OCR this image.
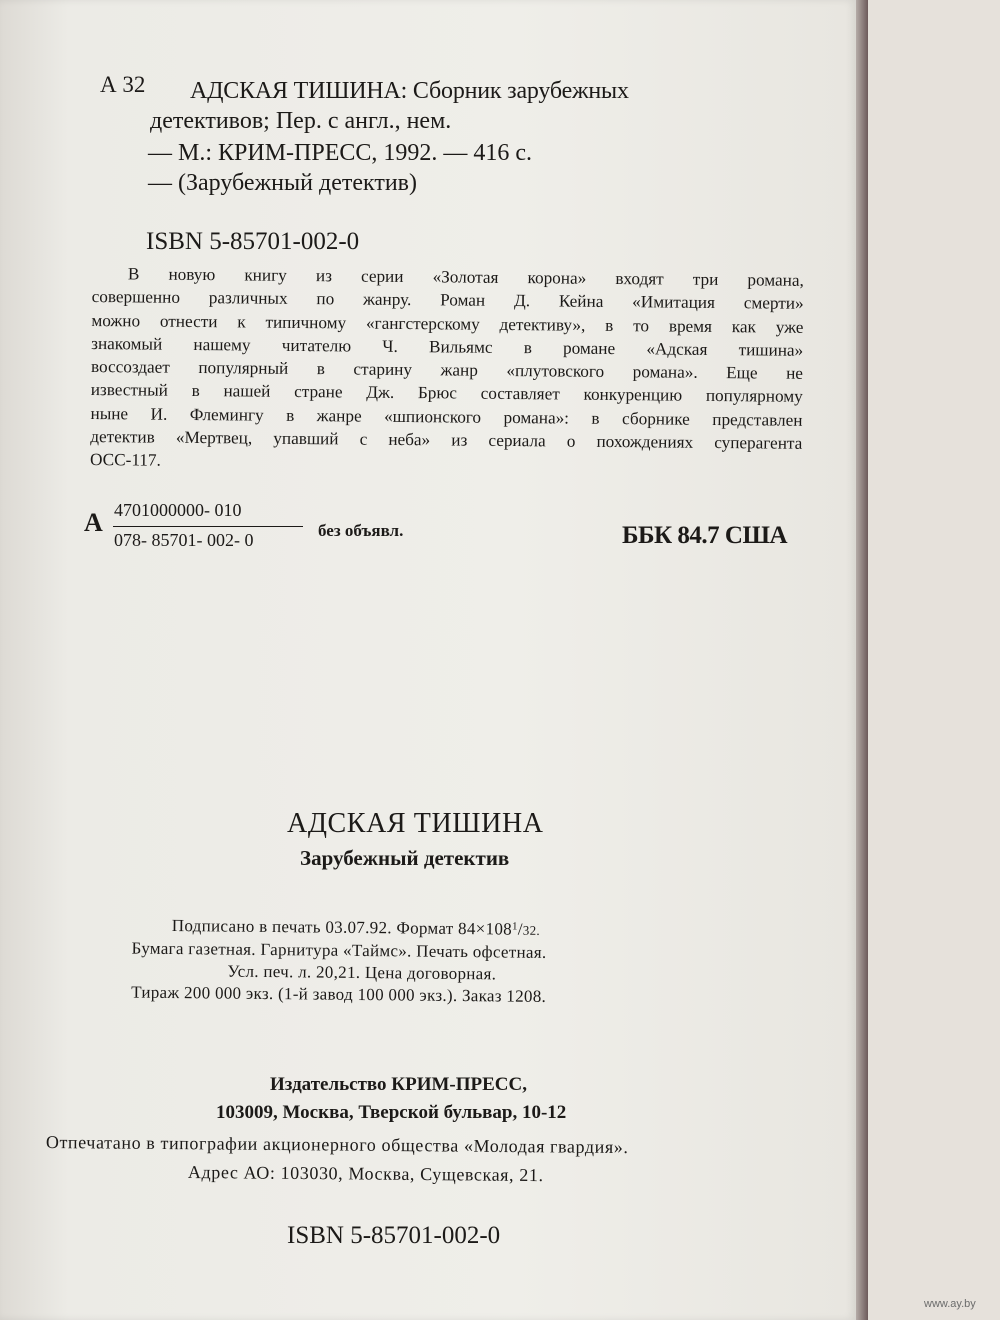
А 32 АДСКАЯ ТИШИНА: Сборник зарубежных
детективов; Пер. с англ., нем.
— М.: КРИМ-ПРЕСС, 1992. — 416 с.
— (Зарубежный детектив)
ISBN 5-85701-002-0
В новую книгу из серии «Золотая корона» входят три романа,
совершенно различных по жанру. Роман Д. Кейна «Имитация смерти»
можно отнести к типичному «гангстерскому детективу», в то время как уже
знакомый нашему читателю Ч. Вильямс в романе «Адская тишина»
воссоздает популярный в старину жанр «плутовского романа». Еще не
известный в нашей стране Дж. Брюс составляет конкуренцию популярному
ныне И. Флемингу в жанре «шпионского романа»: в сборнике представлен
детектив «Мертвец, упавший с неба» из сериала о похождениях суперагента
ОСС-117.
А 4701000000- 010
078- 85701- 002- 0	без объявл.	ББК 84.7 США
АДСКАЯ ТИШИНА
Зарубежный детектив
Подписано в печать 03.07.92. Формат $84\times 108^1/32$.
Бумага газетная. Гарнитура «Таймс». Печать офсетная.
Усл. печ. л. 20,21. Цена договорная.
Тираж 200 000 экз. (1-й завод 100 000 экз.). Заказ 1208.
Издательство КРИМ-ПРЕСС,
103009, Москва, Тверской бульвар, 10-12
Отпечатано в типографии акционерного общества «Молодая гвардия».
Адрес АО: 103030, Москва, Сущевская, 21.
ISBN 5-85701-002-0
www.ay.by
